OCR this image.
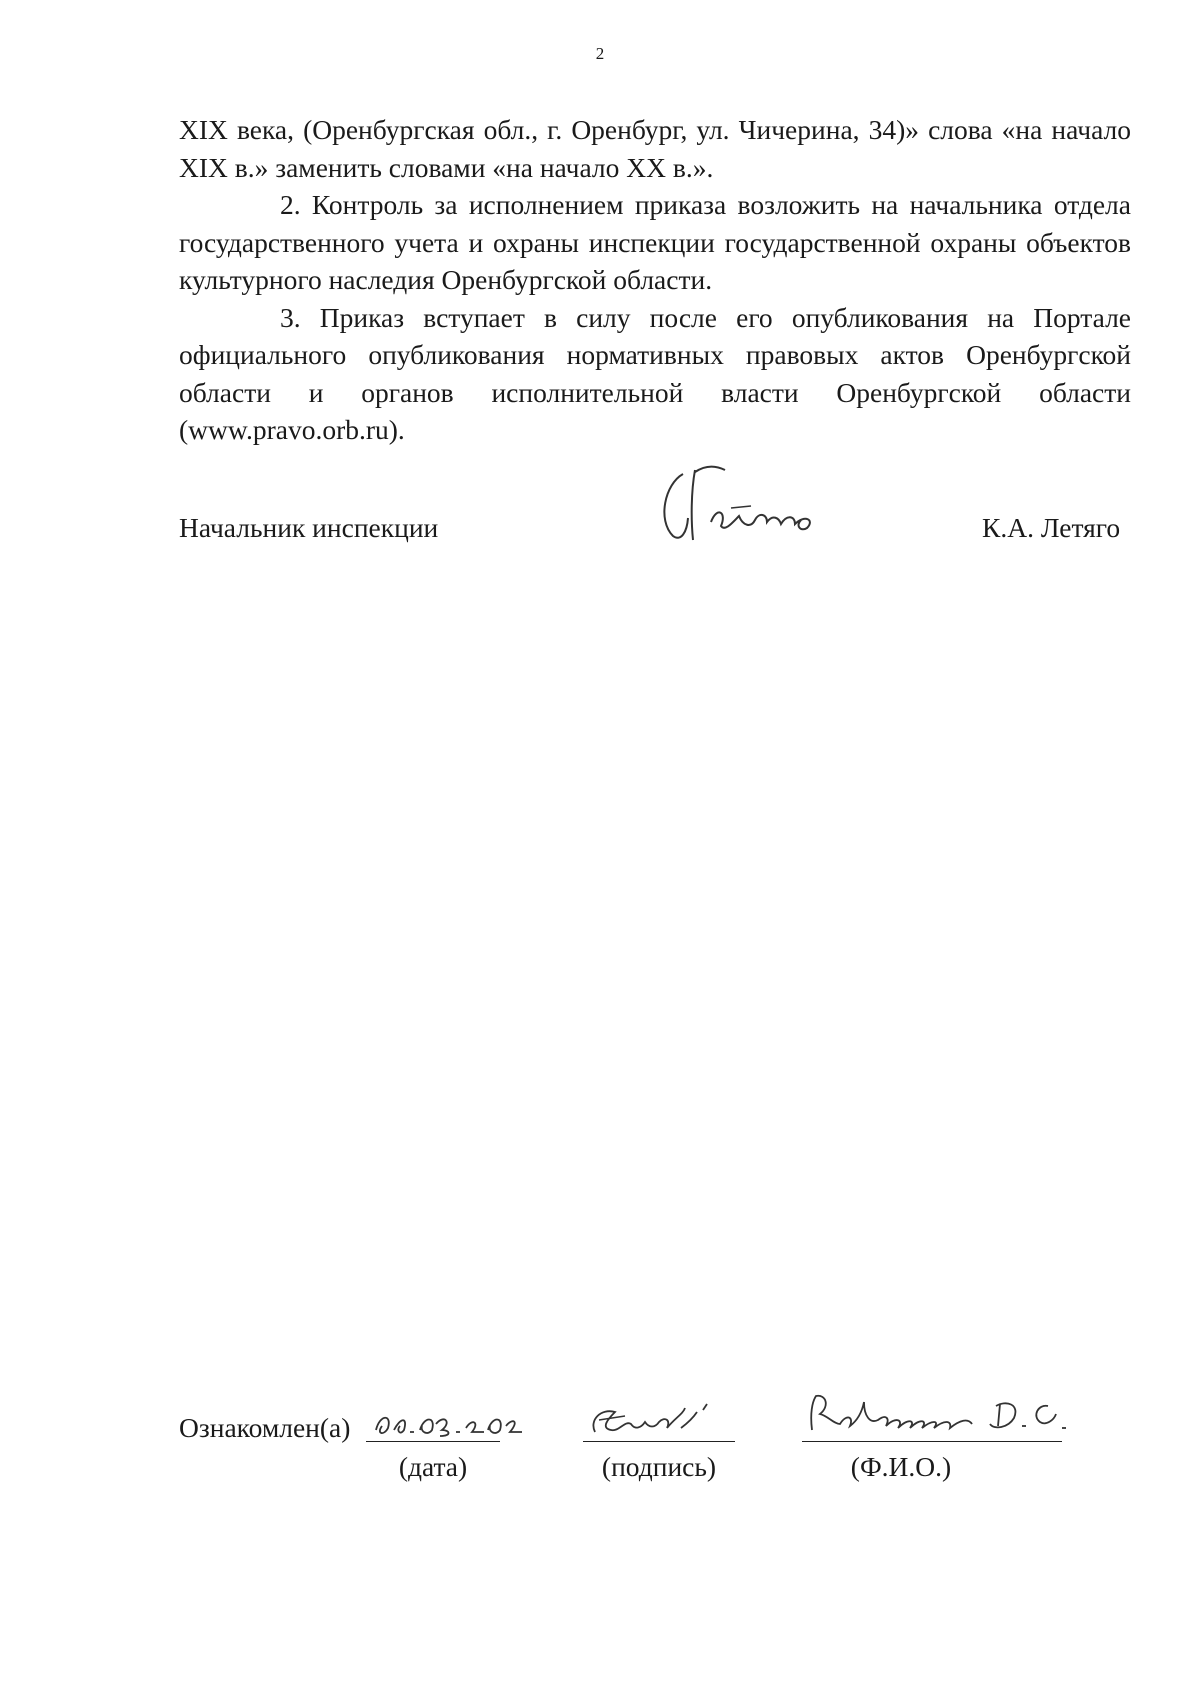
2

XIX века, (Оренбургская обл., г. Оренбург, ул. Чичерина, 34)» слова «на начало XIX в.» заменить словами «на начало XX в.».

2. Контроль за исполнением приказа возложить на начальника отдела государственного учета и охраны инспекции государственной охраны объектов культурного наследия Оренбургской области.

3. Приказ вступает в силу после его опубликования на Портале официального опубликования нормативных правовых актов Оренбургской области и органов исполнительной власти Оренбургской области (www.pravo.orb.ru).

Начальник инспекции	К.А. Летяго
Ознакомлен(а)
(дата)	(подпись)	(Ф.И.О.)
